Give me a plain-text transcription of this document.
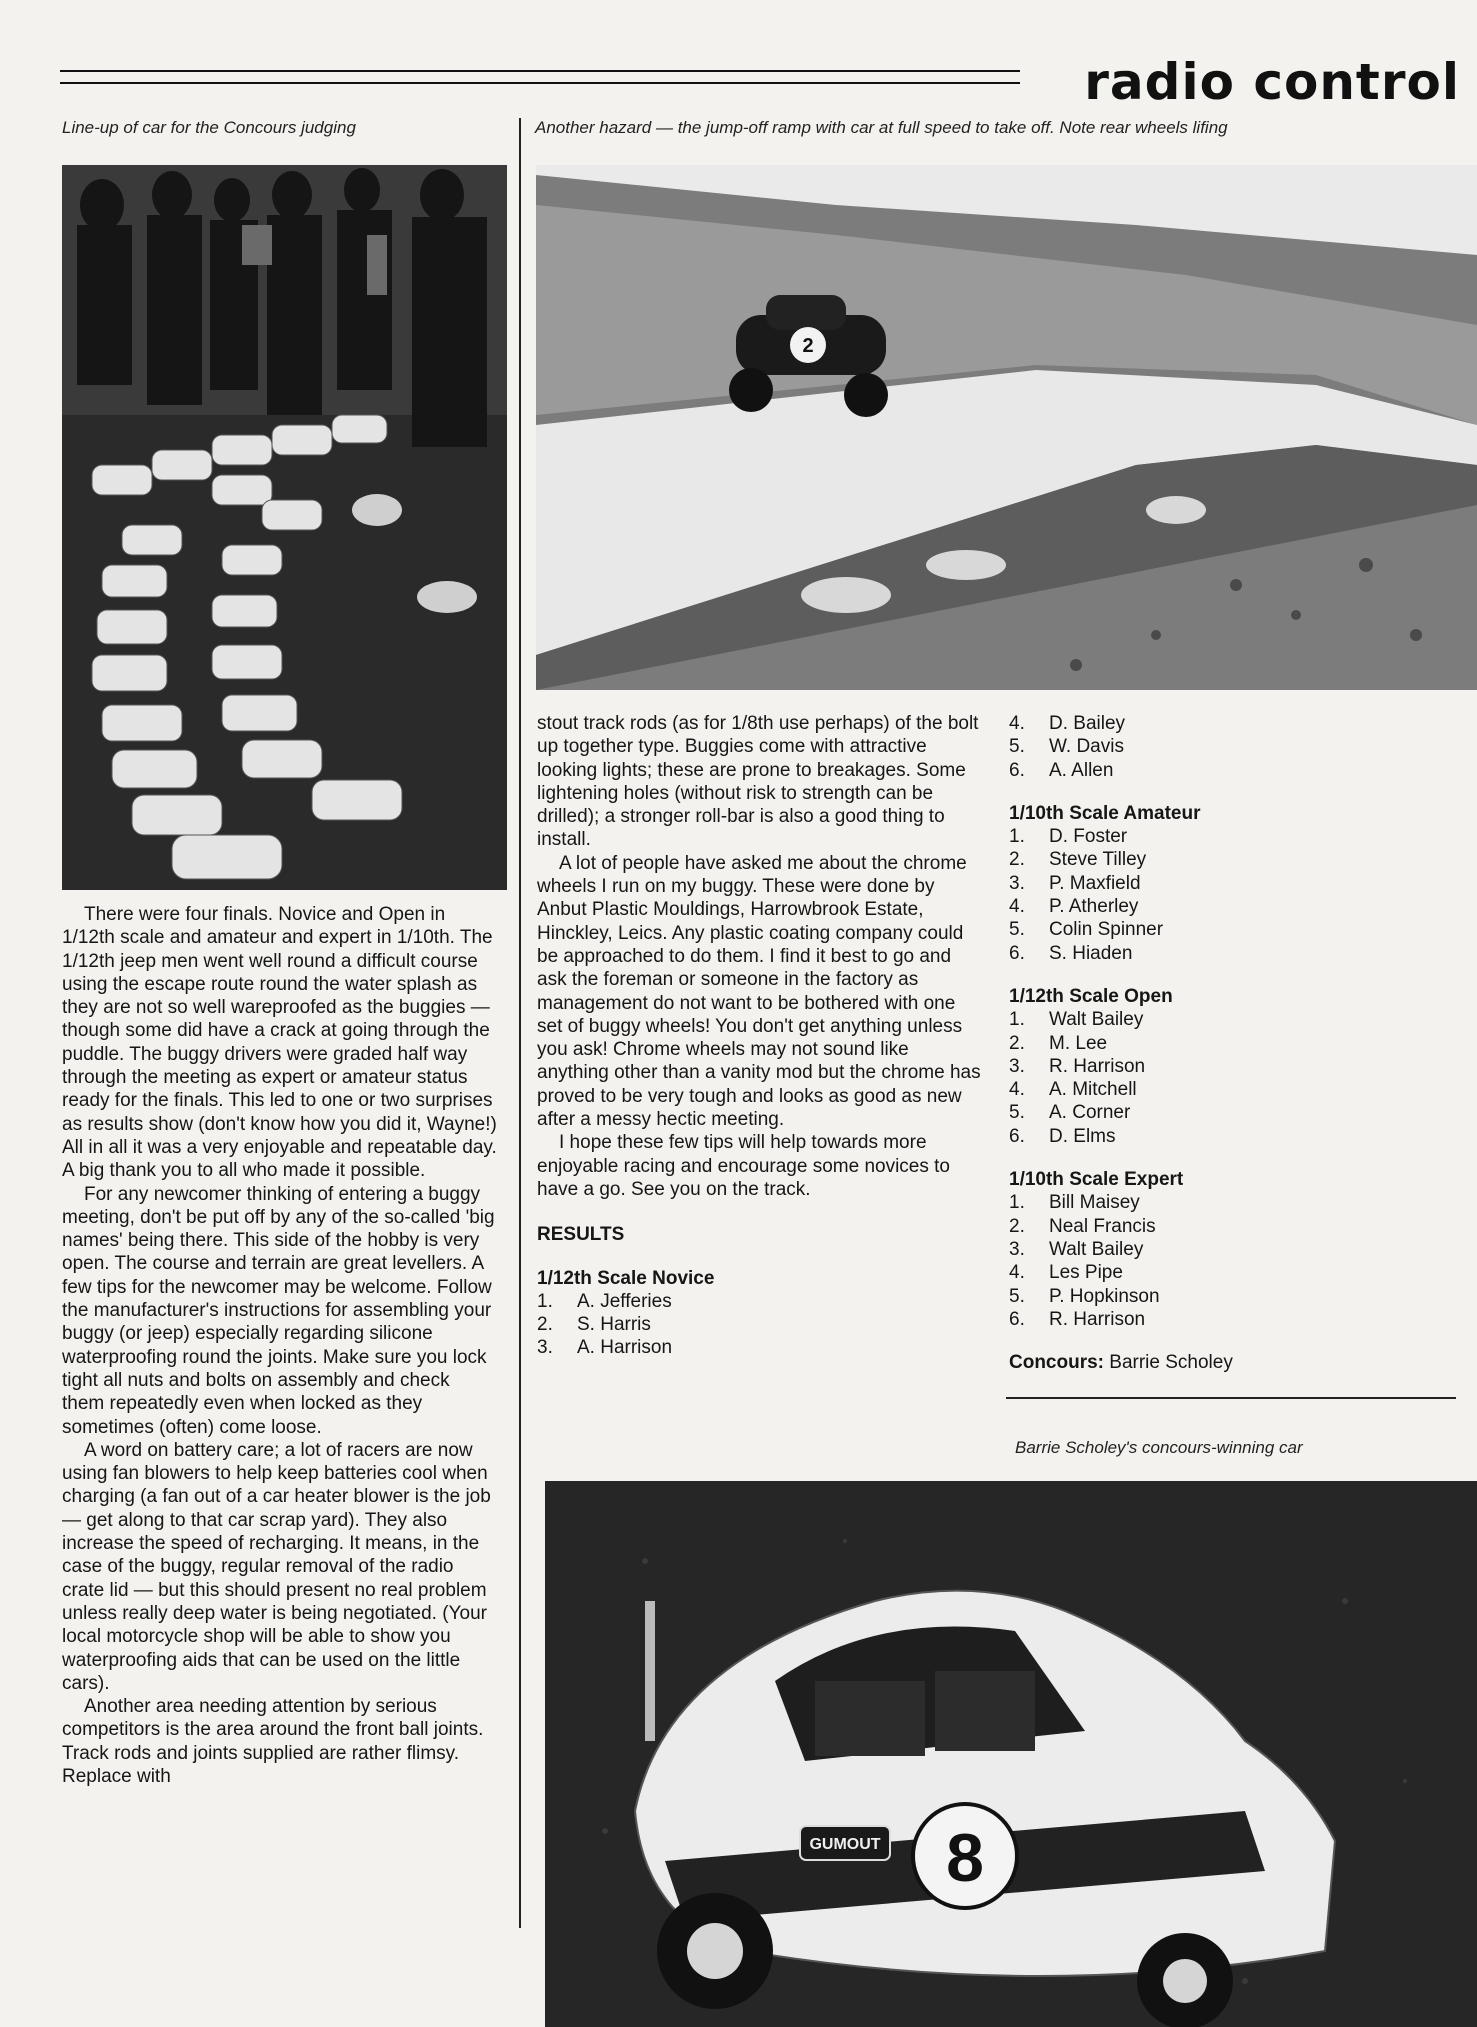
radio control
Line-up of car for the Concours judging	Another hazard — the jump-off ramp with car at full speed to take off. Note rear wheels lifing
Barrie Scholey's concours-winning car
2
8
GUMOUT

There were four finals. Novice and Open in 1/12th scale and amateur and expert in 1/10th. The 1/12th jeep men went well round a difficult course using the escape route round the water splash as they are not so well wareproofed as the buggies — though some did have a crack at going through the puddle. The buggy drivers were graded half way through the meeting as expert or amateur status ready for the finals. This led to one or two surprises as results show (don't know how you did it, Wayne!) All in all it was a very enjoyable and repeatable day. A big thank you to all who made it possible.

For any newcomer thinking of entering a buggy meeting, don't be put off by any of the so-called 'big names' being there. This side of the hobby is very open. The course and terrain are great levellers. A few tips for the newcomer may be welcome. Follow the manufacturer's instructions for assembling your buggy (or jeep) especially regarding silicone waterproofing round the joints. Make sure you lock tight all nuts and bolts on assembly and check them repeatedly even when locked as they sometimes (often) come loose.

A word on battery care; a lot of racers are now using fan blowers to help keep batteries cool when charging (a fan out of a car heater blower is the job — get along to that car scrap yard). They also increase the speed of recharging. It means, in the case of the buggy, regular removal of the radio crate lid — but this should present no real problem unless really deep water is being negotiated. (Your local motorcycle shop will be able to show you waterproofing aids that can be used on the little cars).

Another area needing attention by serious competitors is the area around the front ball joints. Track rods and joints supplied are rather flimsy. Replace with

stout track rods (as for 1/8th use perhaps) of the bolt up together type. Buggies come with attractive looking lights; these are prone to breakages. Some lightening holes (without risk to strength can be drilled); a stronger roll-bar is also a good thing to install.

A lot of people have asked me about the chrome wheels I run on my buggy. These were done by Anbut Plastic Mouldings, Harrowbrook Estate, Hinckley, Leics. Any plastic coating company could be approached to do them. I find it best to go and ask the foreman or someone in the factory as management do not want to be bothered with one set of buggy wheels! You don't get anything unless you ask! Chrome wheels may not sound like anything other than a vanity mod but the chrome has proved to be very tough and looks as good as new after a messy hectic meeting.

I hope these few tips will help towards more enjoyable racing and encourage some novices to have a go. See you on the track.

RESULTS
1/12th Scale Novice
1.	A. Jefferies
2.	S. Harris
3.	A. Harrison
4.	D. Bailey
5.	W. Davis
6.	A. Allen
1/10th Scale Amateur
1.	D. Foster
2.	Steve Tilley
3.	P. Maxfield
4.	P. Atherley
5.	Colin Spinner
6.	S. Hiaden
1/12th Scale Open
1.	Walt Bailey
2.	M. Lee
3.	R. Harrison
4.	A. Mitchell
5.	A. Corner
6.	D. Elms
1/10th Scale Expert
1.	Bill Maisey
2.	Neal Francis
3.	Walt Bailey
4.	Les Pipe
5.	P. Hopkinson
6.	R. Harrison
Concours: Barrie Scholey
